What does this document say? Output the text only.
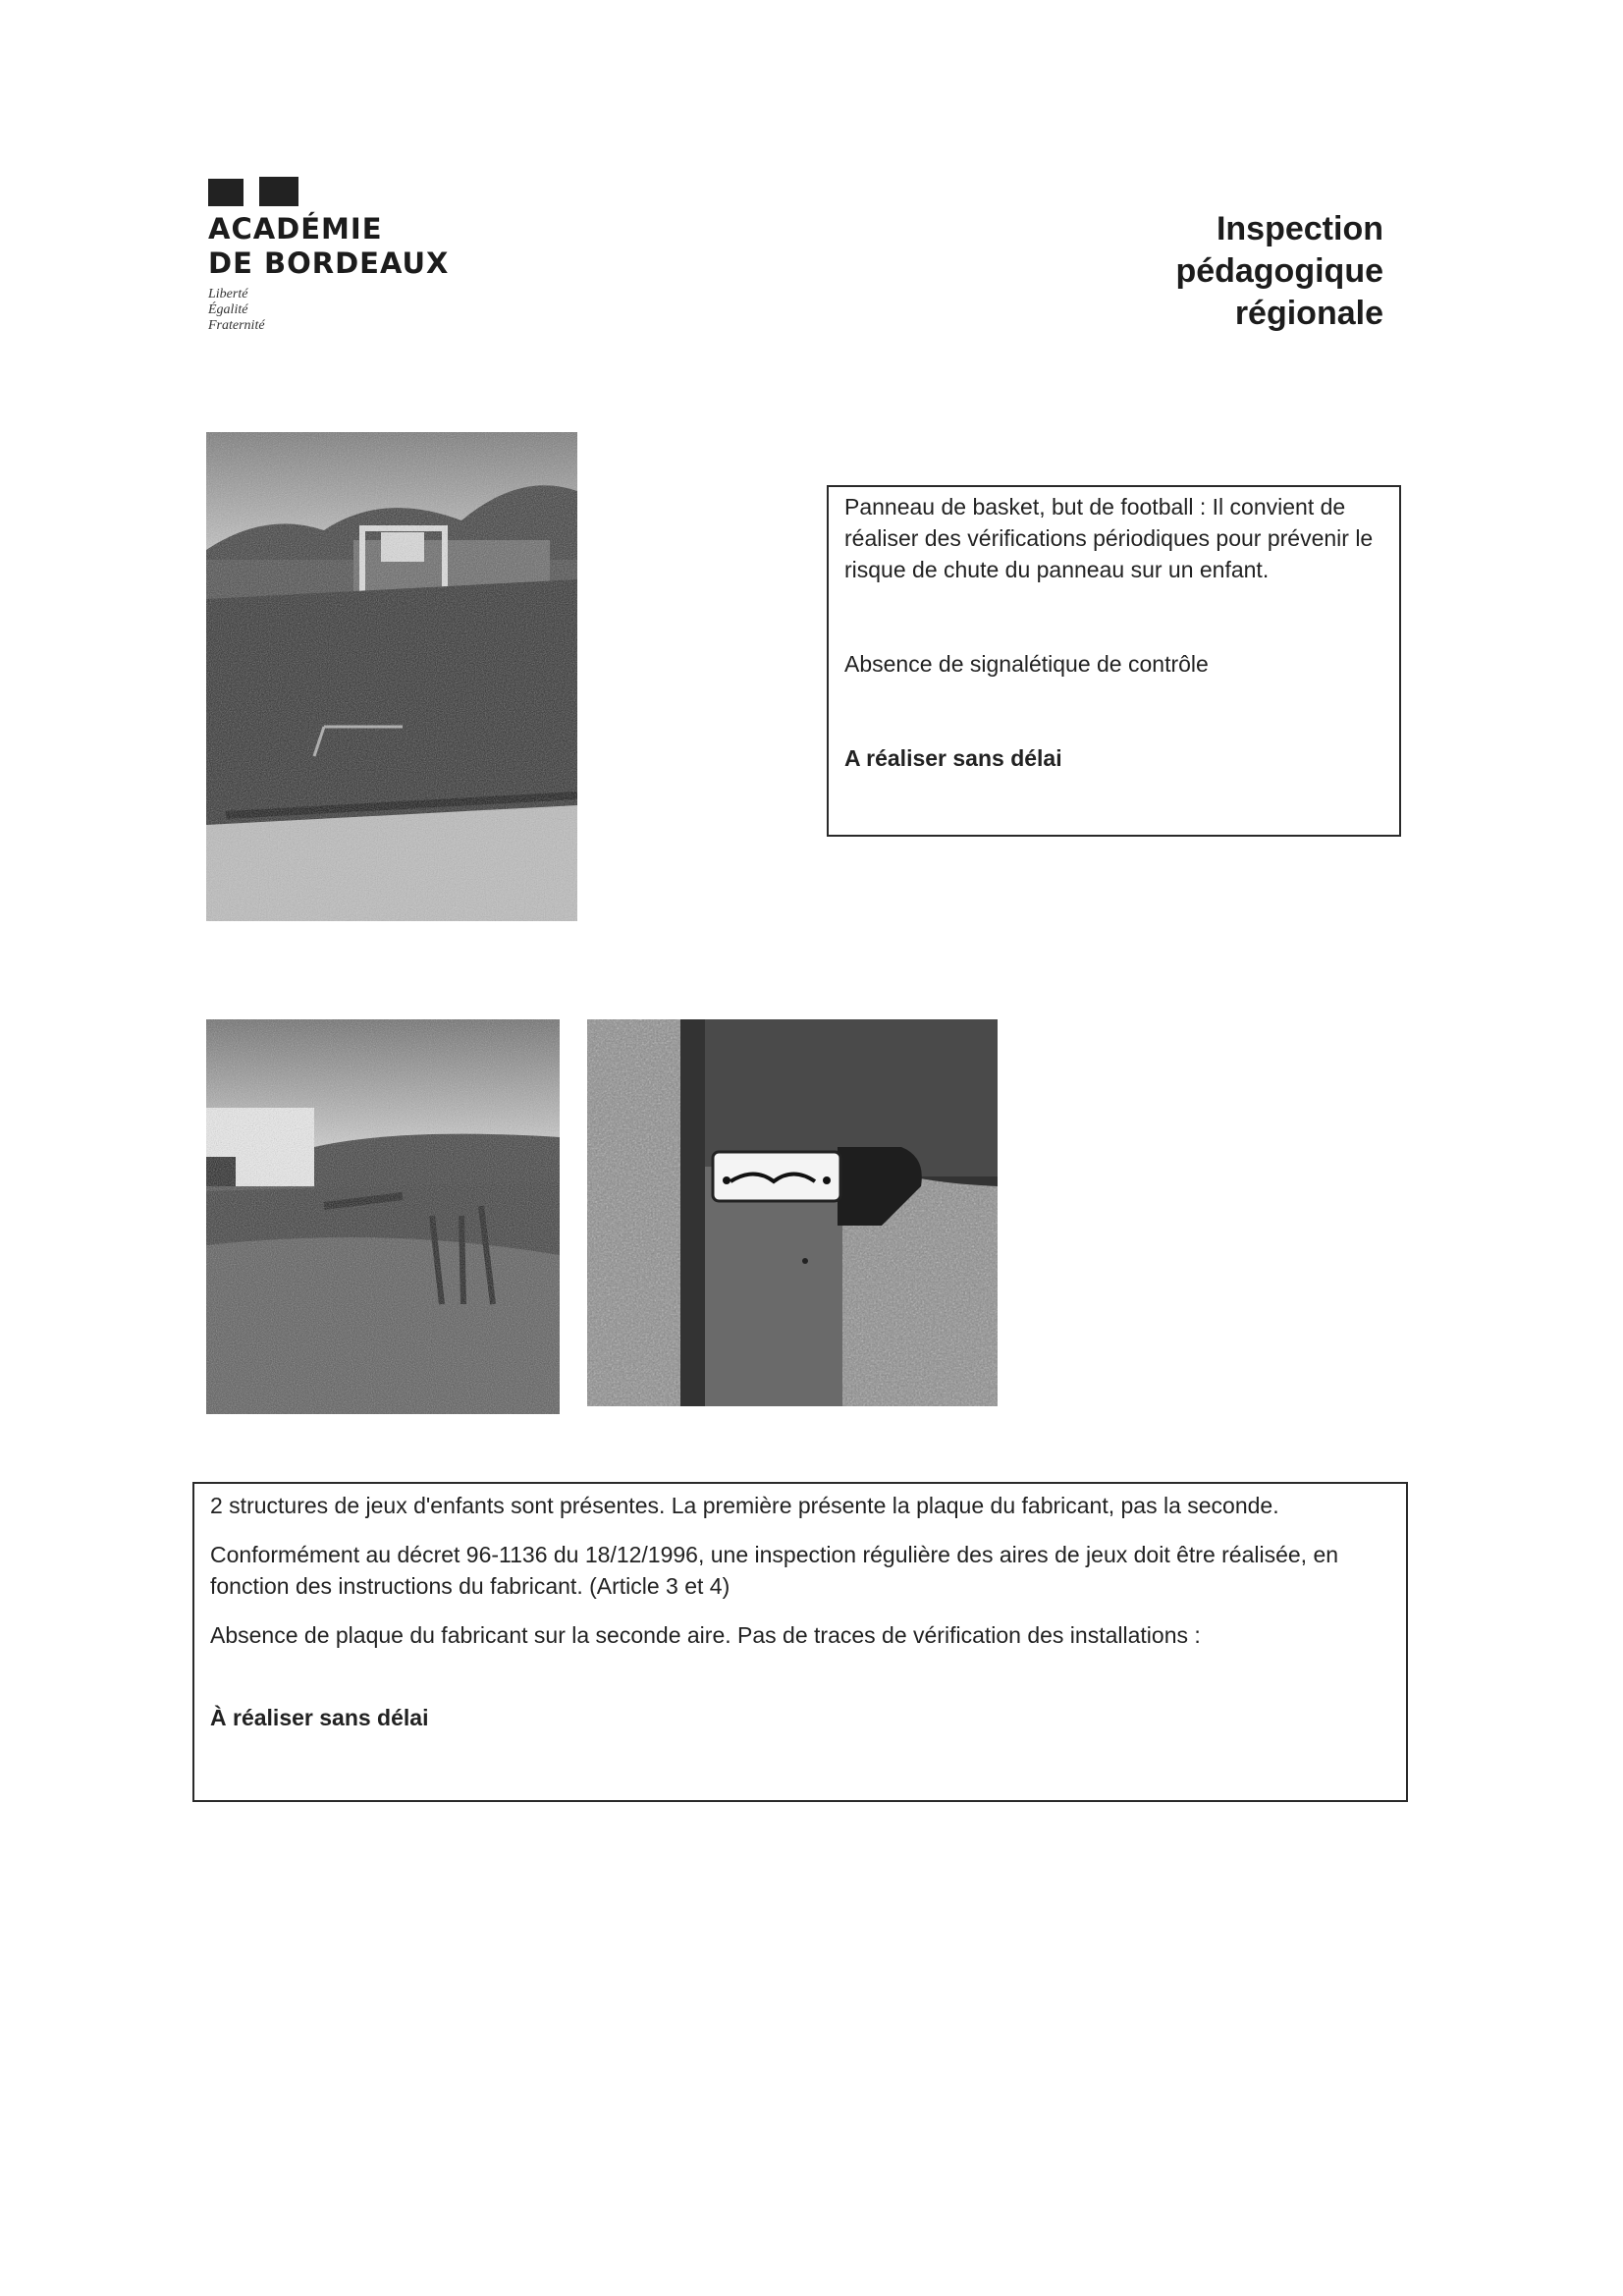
ACADÉMIE
DE BORDEAUX
Liberté
Égalité
Fraternité
Inspection
pédagogique
régionale

Panneau de basket, but de football : Il convient de réaliser des vérifications périodiques pour prévenir le risque de chute du panneau sur un enfant.

Absence de signalétique de contrôle

A réaliser sans délai

2 structures de jeux d'enfants sont présentes. La première présente la plaque du fabricant, pas la seconde.

Conformément au décret 96-1136 du 18/12/1996, une inspection régulière des aires de jeux doit être réalisée, en fonction des instructions du fabricant. (Article 3 et 4)

Absence de plaque du fabricant sur la seconde aire. Pas de traces de vérification des installations :

À réaliser sans délai
